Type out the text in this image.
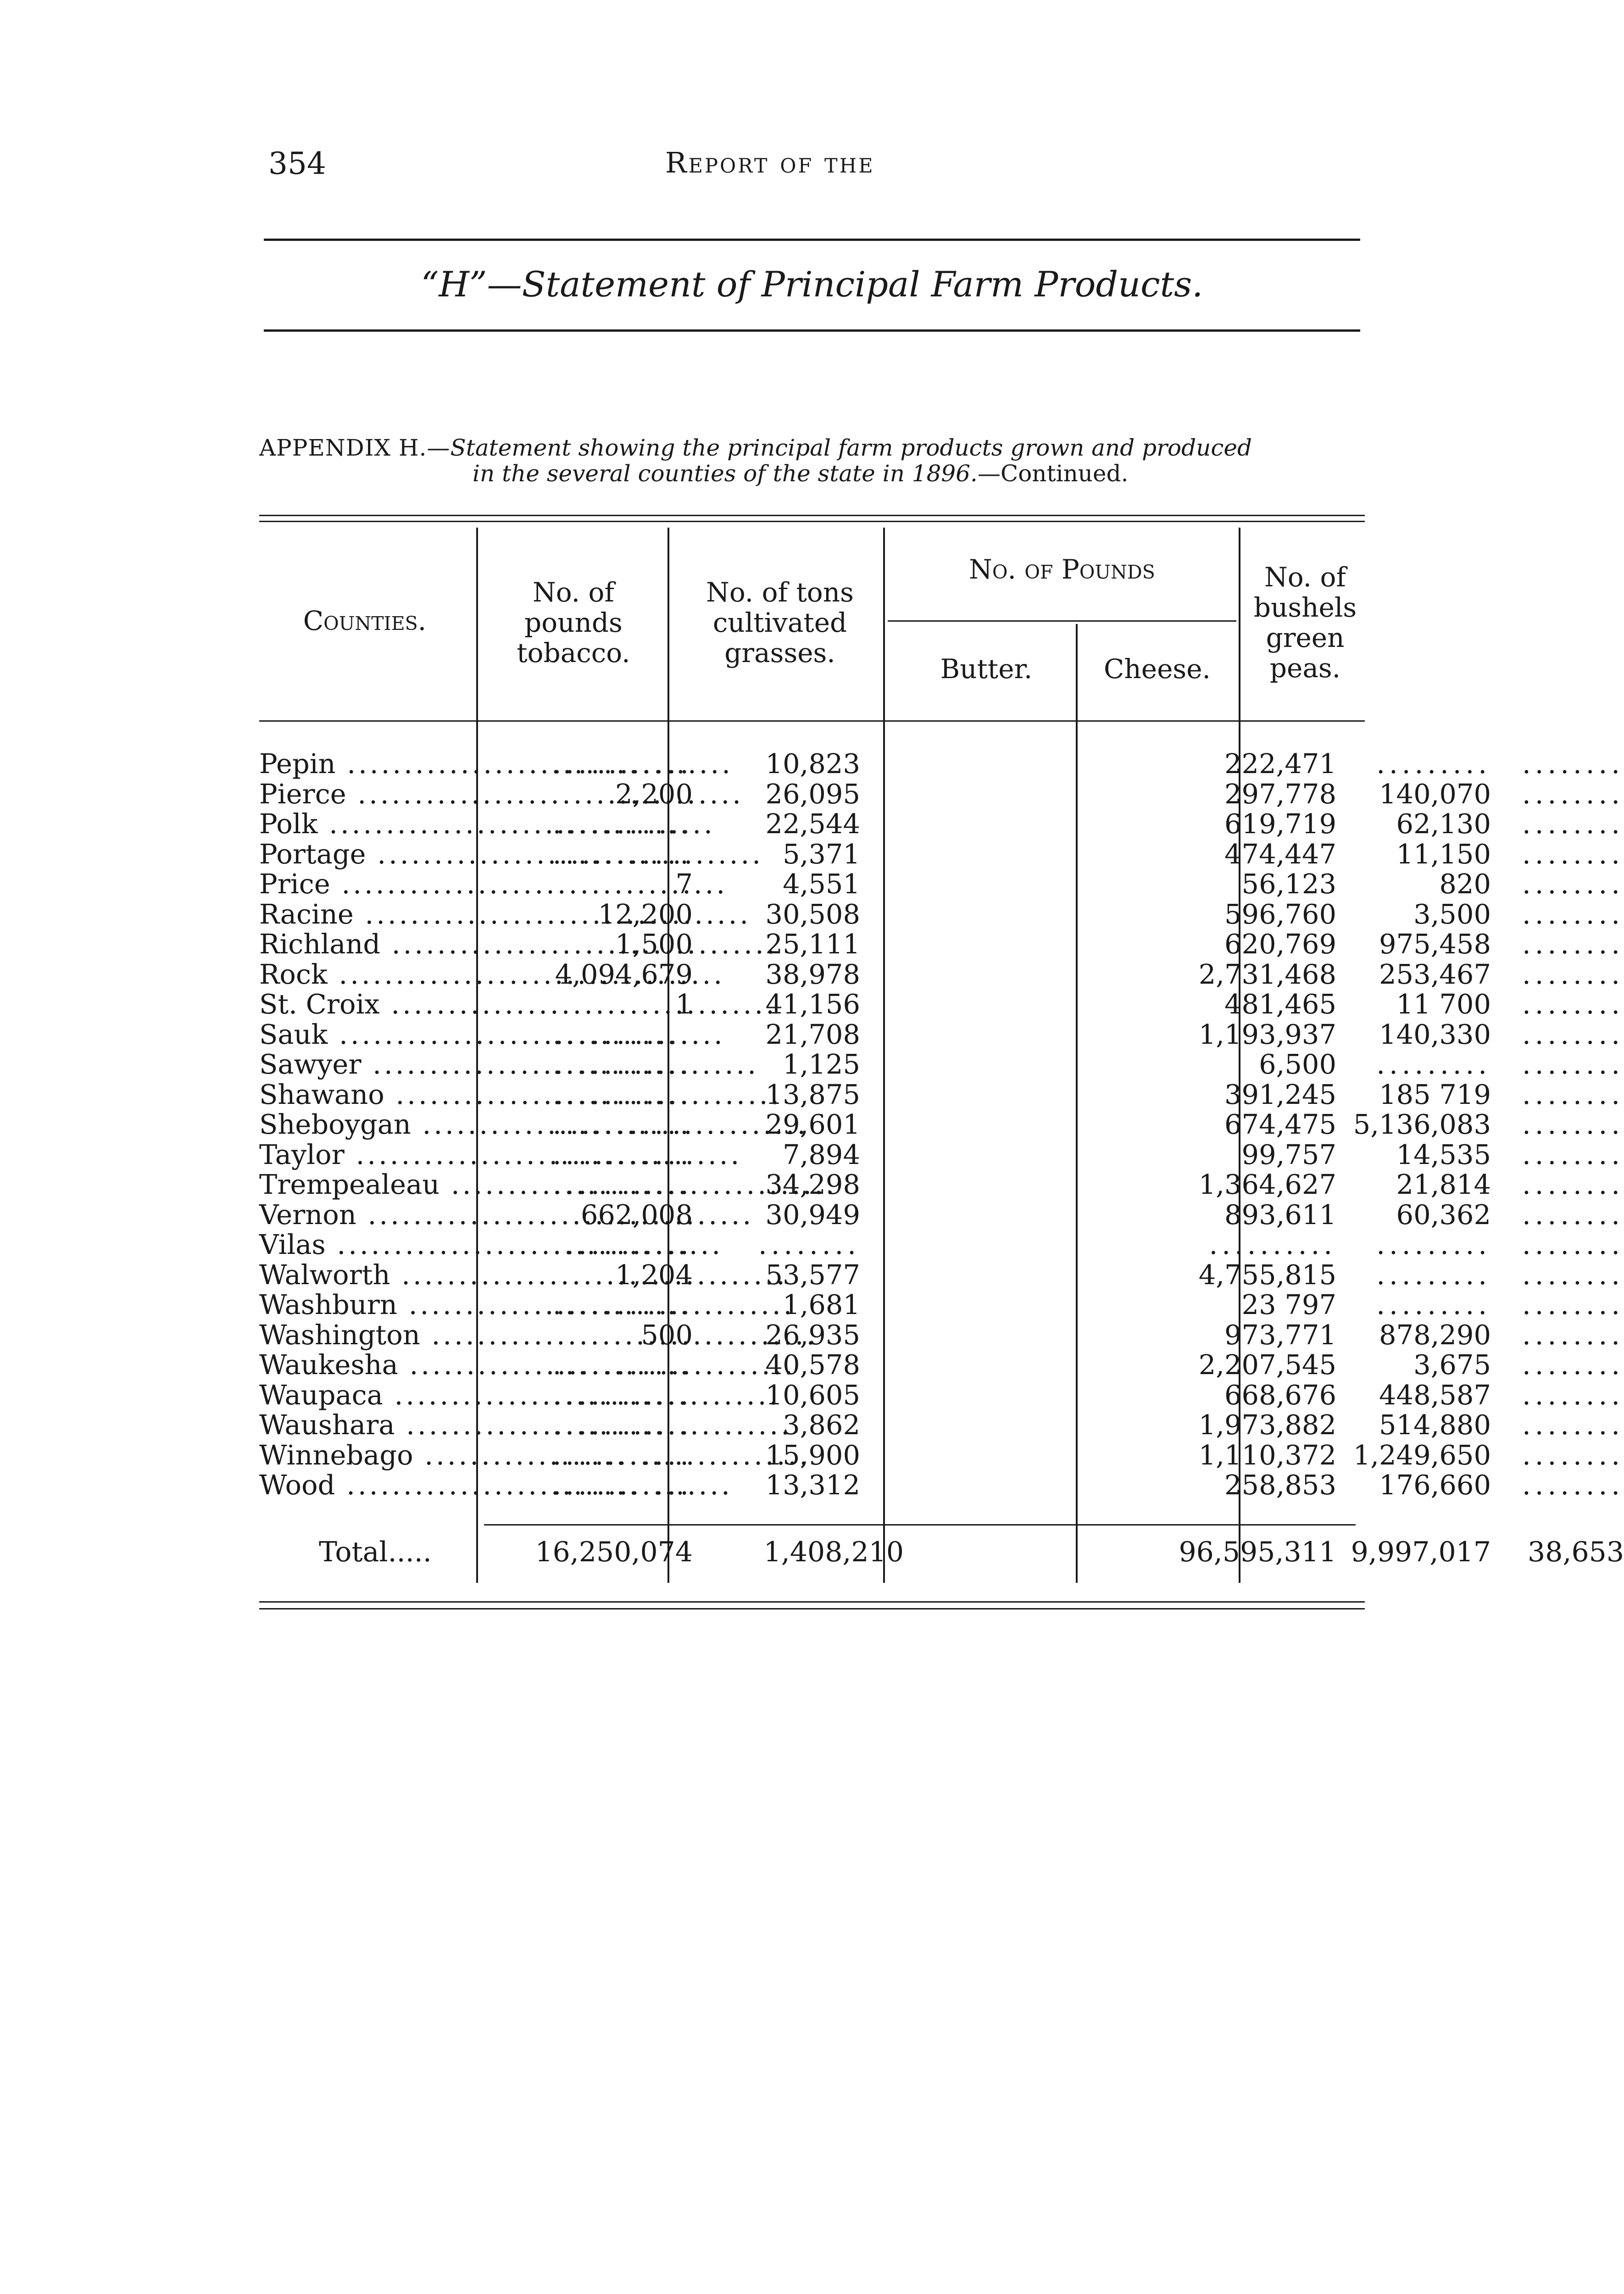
354	Report of the
“H”—Statement of Principal Farm Products.
APPENDIX H.—Statement showing the principal farm products grown and produced
in the several counties of the state in 1896.—Continued.
Counties.
No. of pounds tobacco.
No. of tons cultivated grasses.
No. of Pounds
Butter.	Cheese.
No. of bushels green peas.
Pepin .....	...........	10,823	222,471	.........	........
Pierce .....	2,200	26,095	297,778	140,070	........
Polk .....	...........	22,544	619,719	62,130	........
Portage .....	...........	5,371	474,447	11,150	........
Price .....	7	4,551	56,123	820	........
Racine .....	12,200	30,508	596,760	3,500	........
Richland .....	1,500	25,111	620,769	975,458	........
Rock .....	4,094,679	38,978	2,731,468	253,467	........
St. Croix .....	1	41,156	481,465	11 700	........
Sauk .....	...........	21,708	1,193,937	140,330	........
Sawyer .....	...........	1,125	6,500	.........	........
Shawano .....	...........	13,875	391,245	185 719	........
Sheboygan .....	...........	29,601	674,475 5,136,083	........
Taylor .....	...........	7,894	99,757	14,535	........
Trempealeau .....	...........	34,298	1,364,627	21,814	........
Vernon .....	662,008	30,949	893,611	60,362	........
Vilas .....	...........	........	..........	.........	........
Walworth .....	1,204	53,577	4,755,815	.........	........
Washburn .....	...........	1,681	23 797	.........	........
Washington .....	500	26,935	973,771	878,290	........
Waukesha .....	...........	40,578	2,207,545	3,675	........
Waupaca .....	...........	10,605	668,676	448,587	........
Waushara .....	...........	3,862	1,973,882	514,880	........
Winnebago .....	...........	15,900	1,110,372 1,249,650	........
Wood .....	...........	13,312	258,853	176,660	........
Total.....	16,250,074	1,408,210	96,595,311 9,997,017	38,653
